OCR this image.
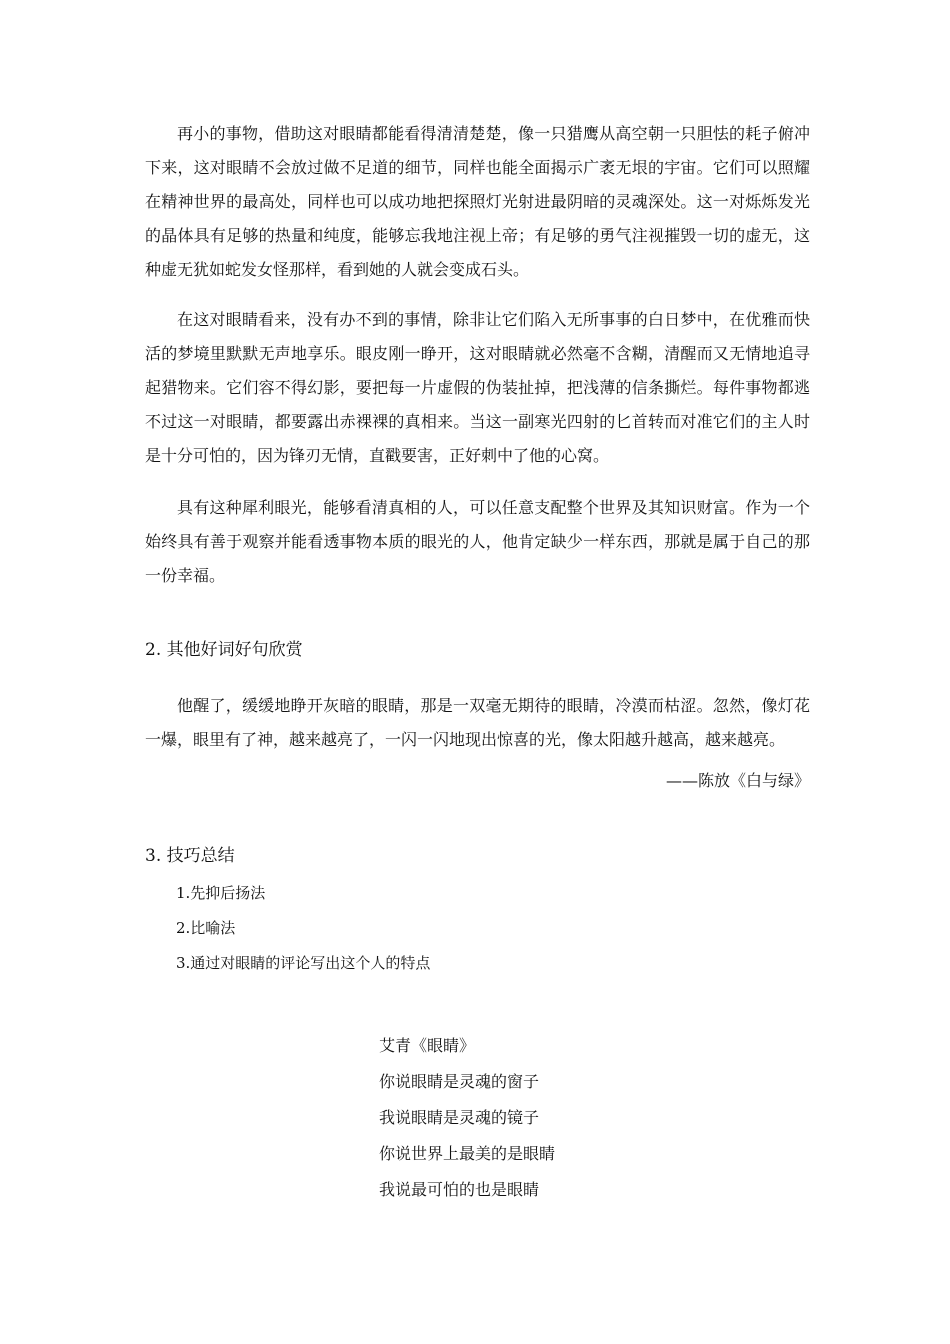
再小的事物，借助这对眼睛都能看得清清楚楚，像一只猎鹰从高空朝一只胆怯的耗子俯冲下来，这对眼睛不会放过做不足道的细节，同样也能全面揭示广袤无垠的宇宙。它们可以照耀在精神世界的最高处，同样也可以成功地把探照灯光射进最阴暗的灵魂深处。这一对烁烁发光的晶体具有足够的热量和纯度，能够忘我地注视上帝；有足够的勇气注视摧毁一切的虚无，这种虚无犹如蛇发女怪那样，看到她的人就会变成石头。

在这对眼睛看来，没有办不到的事情，除非让它们陷入无所事事的白日梦中，在优雅而快活的梦境里默默无声地享乐。眼皮刚一睁开，这对眼睛就必然毫不含糊，清醒而又无情地追寻起猎物来。它们容不得幻影，要把每一片虚假的伪装扯掉，把浅薄的信条撕烂。每件事物都逃不过这一对眼睛，都要露出赤裸裸的真相来。当这一副寒光四射的匕首转而对准它们的主人时是十分可怕的，因为锋刃无情，直戳要害，正好刺中了他的心窝。

具有这种犀利眼光，能够看清真相的人，可以任意支配整个世界及其知识财富。作为一个始终具有善于观察并能看透事物本质的眼光的人，他肯定缺少一样东西，那就是属于自己的那一份幸福。

2. 其他好词好句欣赏

他醒了，缓缓地睁开灰暗的眼睛，那是一双毫无期待的眼睛，冷漠而枯涩。忽然，像灯花一爆，眼里有了神，越来越亮了，一闪一闪地现出惊喜的光，像太阳越升越高，越来越亮。

——陈放《白与绿》

3. 技巧总结
1.先抑后扬法
2.比喻法
3.通过对眼睛的评论写出这个人的特点
艾青《眼睛》
你说眼睛是灵魂的窗子
我说眼睛是灵魂的镜子
你说世界上最美的是眼睛
我说最可怕的也是眼睛
